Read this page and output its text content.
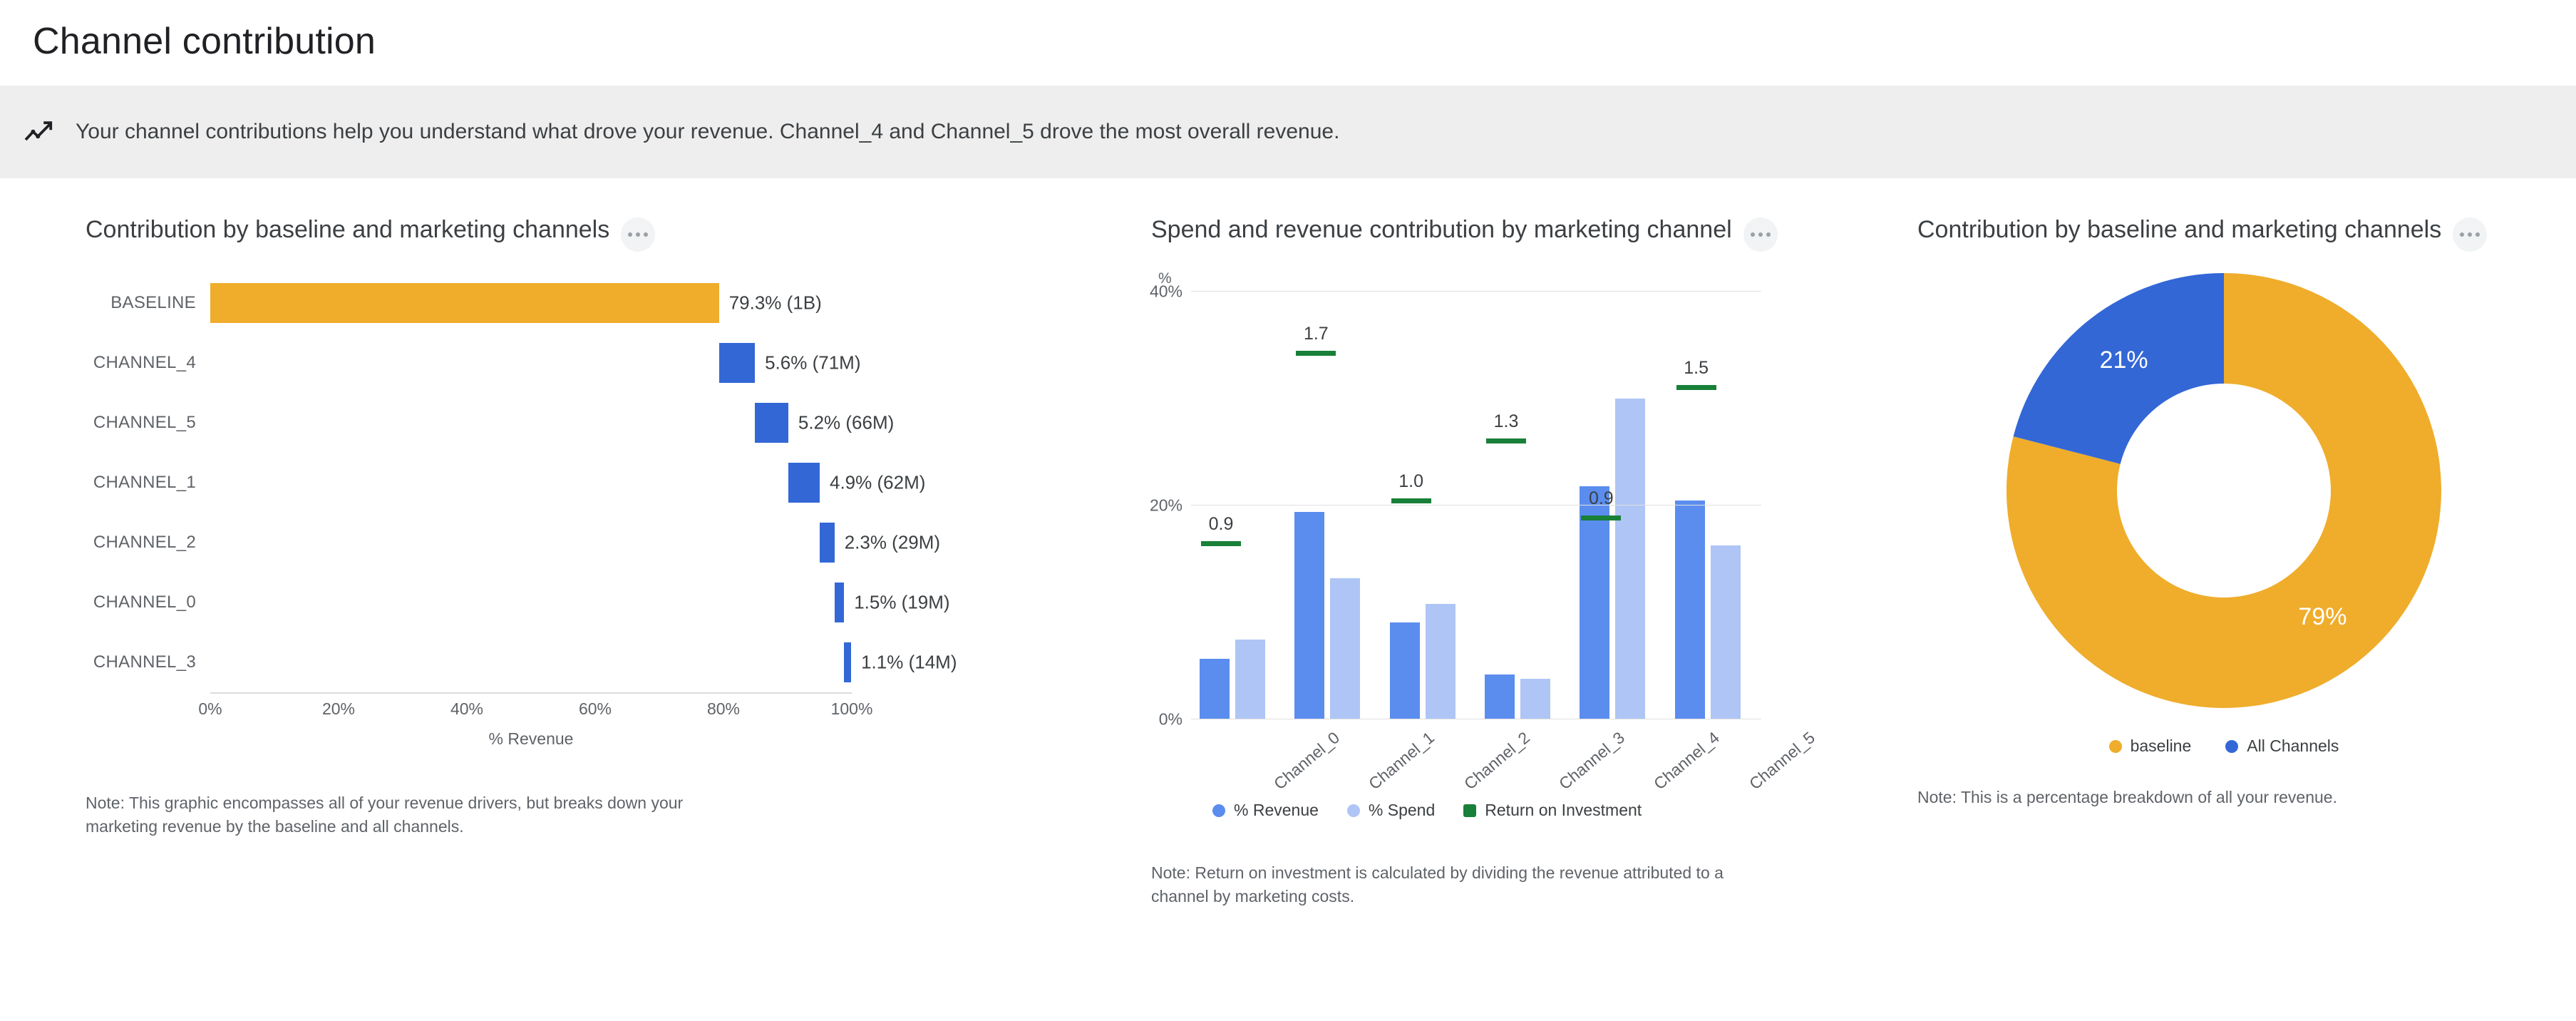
Channel contribution
Your channel contributions help you understand what drove your revenue. Channel_4 and Channel_5 drove the most overall revenue.
Contribution by baseline and marketing channels
BASELINE	79.3% (1B)
CHANNEL_4	5.6% (71M)
CHANNEL_5	5.2% (66M)
CHANNEL_1	4.9% (62M)
CHANNEL_2	2.3% (29M)
CHANNEL_0	1.5% (19M)
CHANNEL_3	1.1% (14M)
0%	20%	40%	60%	80%	100%
% Revenue
Note: This graphic encompasses all of your revenue drivers, but breaks down your marketing revenue by the baseline and all channels.
Spend and revenue contribution by marketing channel
%
0.9
1.7
1.0
1.3
0.9
1.5
0%
20%
40%
Channel_0 Channel_1 Channel_2 Channel_3 Channel_4 Channel_5
% Revenue	% Spend	Return on Investment
Note: Return on investment is calculated by dividing the revenue attributed to a channel by marketing costs.
Contribution by baseline and marketing channels
79%
21%
baseline	All Channels
Note: This is a percentage breakdown of all your revenue.
